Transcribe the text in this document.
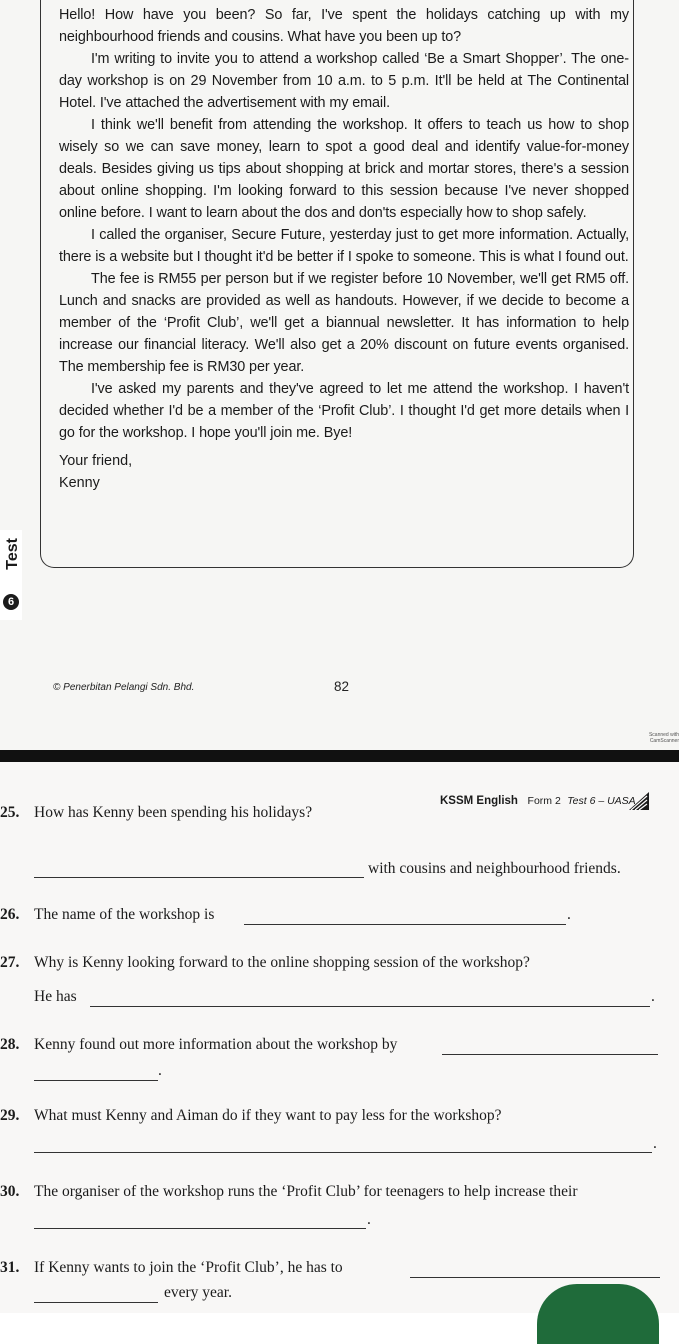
Hello! How have you been? So far, I've spent the holidays catching up with my neighbourhood friends and cousins. What have you been up to?

I'm writing to invite you to attend a workshop called ‘Be a Smart Shopper’. The one-day workshop is on 29 November from 10 a.m. to 5 p.m. It'll be held at The Continental Hotel. I've attached the advertisement with my email.

I think we'll benefit from attending the workshop. It offers to teach us how to shop wisely so we can save money, learn to spot a good deal and identify value-for-money deals. Besides giving us tips about shopping at brick and mortar stores, there's a session about online shopping. I'm looking forward to this session because I've never shopped online before. I want to learn about the dos and don'ts especially how to shop safely.

I called the organiser, Secure Future, yesterday just to get more information. Actually, there is a website but I thought it'd be better if I spoke to someone. This is what I found out.

The fee is RM55 per person but if we register before 10 November, we'll get RM5 off. Lunch and snacks are provided as well as handouts. However, if we decide to become a member of the ‘Profit Club’, we'll get a biannual newsletter. It has information to help increase our financial literacy. We'll also get a 20% discount on future events organised. The membership fee is RM30 per year.

I've asked my parents and they've agreed to let me attend the workshop. I haven't decided whether I'd be a member of the ‘Profit Club’. I thought I'd get more details when I go for the workshop. I hope you'll join me. Bye!

Your friend,
Kenny
Test
6
© Penerbitan Pelangi Sdn. Bhd.	82
Scanned with CamScanner
KSSM English Form 2 Test 6 – UASA
25. How has Kenny been spending his holidays?
with cousins and neighbourhood friends.
26. The name of the workshop is	.
27. Why is Kenny looking forward to the online shopping session of the workshop?
He has	.
28. Kenny found out more information about the workshop by
.
29. What must Kenny and Aiman do if they want to pay less for the workshop?
.
30. The organiser of the workshop runs the ‘Profit Club’ for teenagers to help increase their
.
31. If Kenny wants to join the ‘Profit Club’, he has to
every year.
